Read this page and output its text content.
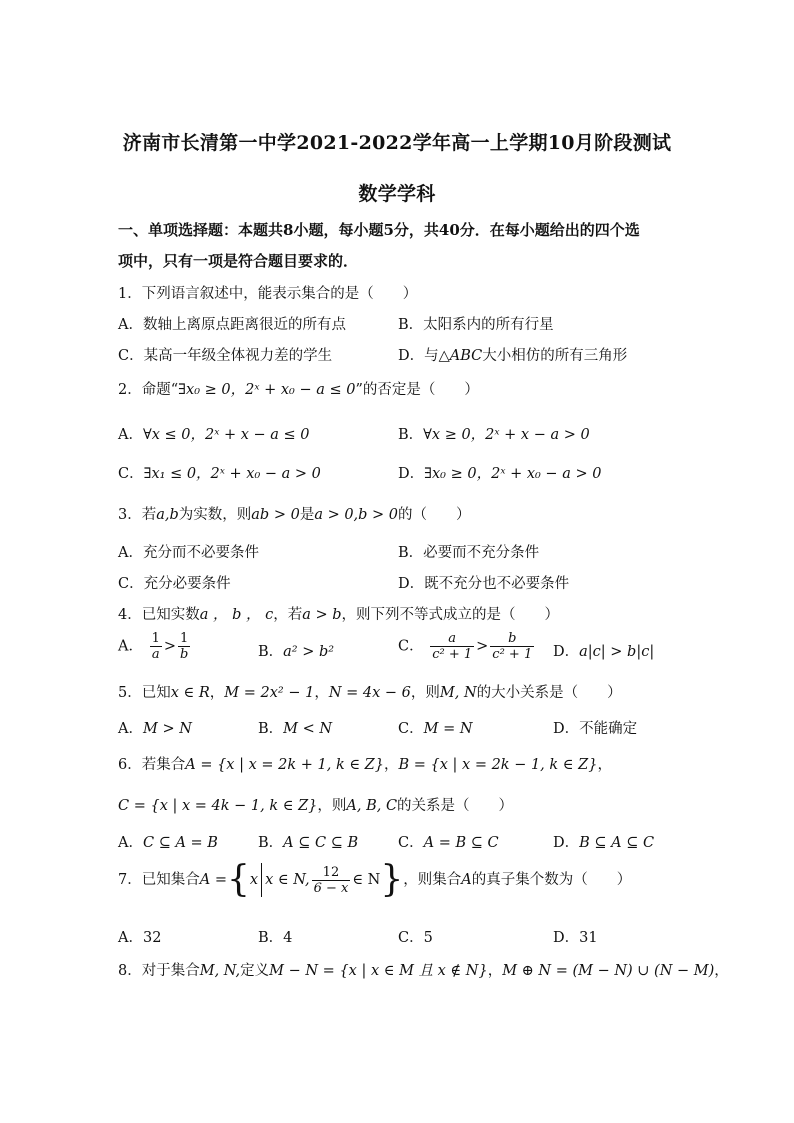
济南市长清第一中学2021-2022学年高一上学期10月阶段测试
数学学科
一、单项选择题：本题共8小题，每小题5分，共40分．在每小题给出的四个选
项中，只有一项是符合题目要求的．
1．下列语言叙述中，能表示集合的是（　　）
A．数轴上离原点距离很近的所有点	B．太阳系内的所有行星
C．某高一年级全体视力差的学生	D．与△ABC大小相仿的所有三角形
2．命题“∃x₀ ≥ 0，2ˣ + x₀ − a ≤ 0”的否定是（　　）
A．∀x ≤ 0，2ˣ + x − a ≤ 0	B．∀x ≥ 0，2ˣ + x − a > 0
C．∃x₁ ≤ 0，2ˣ + x₀ − a > 0	D．∃x₀ ≥ 0，2ˣ + x₀ − a > 0
3．若a,b为实数，则ab > 0是a > 0,b > 0的（　　）
A．充分而不必要条件	B．必要而不充分条件
C．充分必要条件	D．既不充分也不必要条件
4．已知实数a ， b ， c，若a > b，则下列不等式成立的是（　　）
A． $\frac{1}{a} > \frac{1}{b}$	B．a² > b²	C． $\frac{a}{\text{c² + 1}} > \frac{b}{\text{c² + 1}}$ D．a|c| > b|c|
5．已知x ∈ R，M = 2x² − 1，N = 4x − 6，则M, N的大小关系是（　　）
A．M > N	B．M < N	C．M = N	D．不能确定
6．若集合A = {x | x = 2k + 1, k ∈ Z}，B = {x | x = 2k − 1, k ∈ Z}，
C = {x | x = 4k − 1, k ∈ Z}，则A, B, C的关系是（　　）
A．C ⊆ A = B	B．A ⊆ C ⊆ B	C．A = B ⊆ C	D．B ⊆ A ⊆ C
7．已知集合A ={x x ∈ N, $\frac{12}{6 - x}$ ∈ N}，则集合A的真子集个数为（　　）
A．32	B．4	C．5	D．31
8．对于集合M, N,定义M − N = {x | x ∈ M 且 x ∉ N}，M ⊕ N = (M − N) ∪ (N − M)，
